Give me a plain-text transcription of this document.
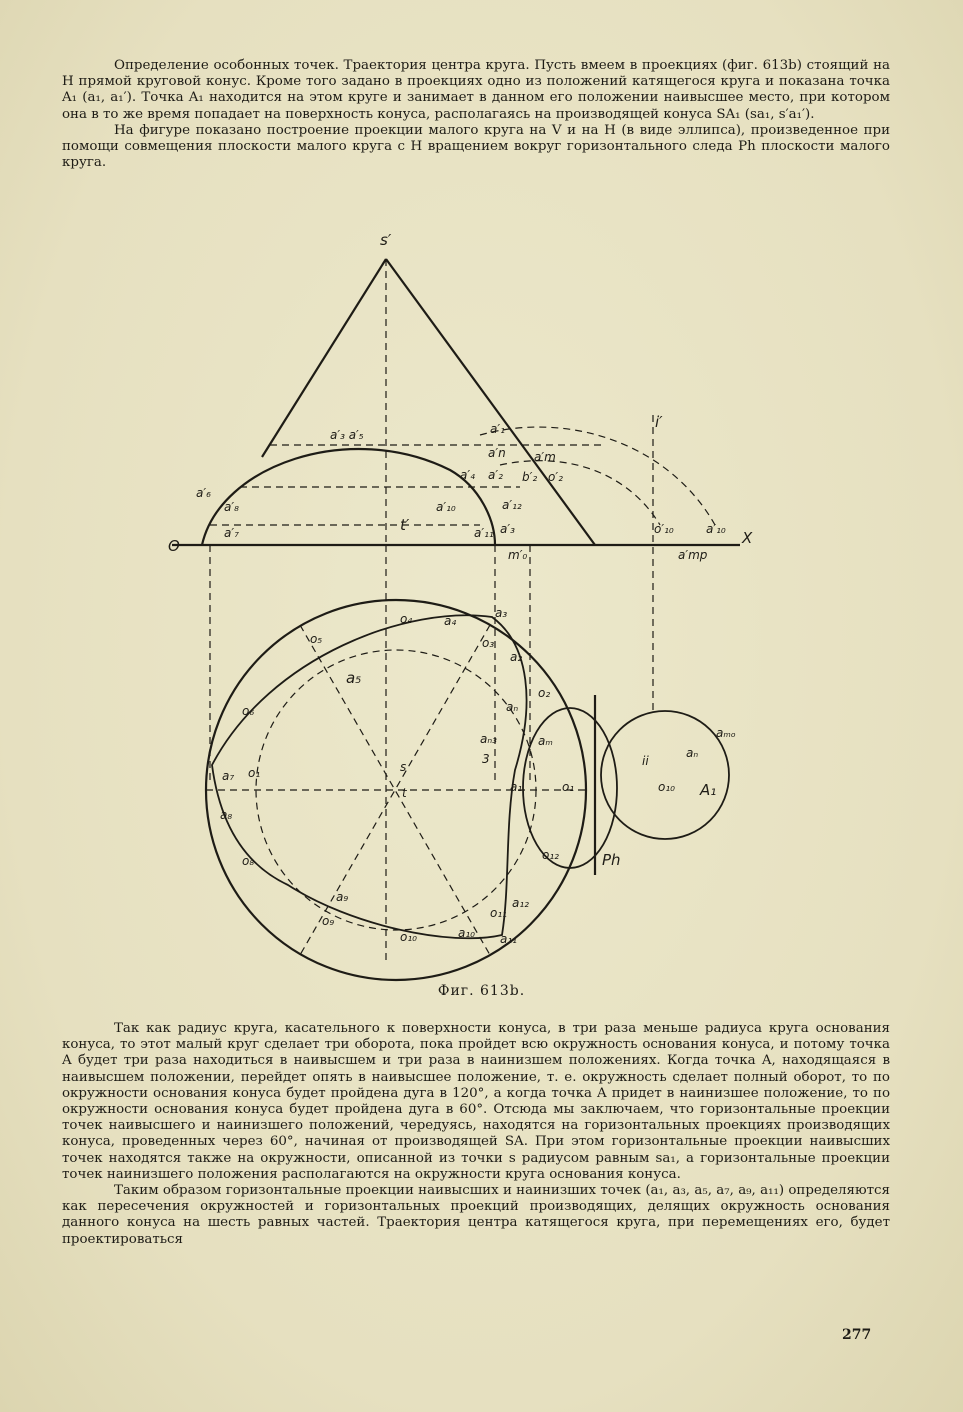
Определение особонных точек. Траектория центра круга. Пусть вмеем в проекциях (фиг. 613b) стоящий на H прямой круговой конус. Кроме того задано в проекциях одно из положений катящегося круга и показана точка A₁ (a₁, a₁′). Точка A₁ находится на этом круге и занимает в данном его положении наивысшее место, при котором она в то же время попадает на поверхность конуса, располагаясь на производящей конуса SA₁ (sa₁, s′a₁′).

На фигуре показано построение проекции малого круга на V и на H (в виде эллипса), произведенное при помощи совмещения плоскости малого круга с H вращением вокруг горизонтального следа Ph плоскости малого круга.

s′
O	X
t′
i′
a′₃ a′₅	a′₁
a′n a′m
a′₄ a′₂ b′₂ o′₂
a′₆
a′₈
a′₇
a′₁₀	a′₁₂
a′₁₁ a′₃
m′₀
o′₁₀	a′₁₀
a′mp
o₄	a₄
o₅
a₃
o₃
a₂
a₅
o₂
o₆	aₙ
aₘ
aₙ₃
3
s
t	a₁	o₁
a₇ o₁
a₈
o₈	o₁₂	Ph
a₉
o₉
o₁₁
a₁₂
o₁₀	a₁₀ a₁₁
ii
o₁₀ A₁
aₙ
aₘₒ
Фиг. 613b.

Так как радиус круга, касательного к поверхности конуса, в три раза меньше радиуса круга основания конуса, то этот малый круг сделает три оборота, пока пройдет всю окружность основания конуса, и потому точка A будет три раза находиться в наивысшем и три раза в наинизшем положениях. Когда точка A, находящаяся в наивысшем положении, перейдет опять в наивысшее положение, т. е. окружность сделает полный оборот, то по окружности основания конуса будет пройдена дуга в 120°, а когда точка A придет в наинизшее положение, то по окружности основания конуса будет пройдена дуга в 60°. Отсюда мы заключаем, что горизонтальные проекции точек наивысшего и наинизшего положений, чередуясь, находятся на горизонтальных проекциях производящих конуса, проведенных через 60°, начиная от производящей SA. При этом горизонтальные проекции наивысших точек находятся также на окружности, описанной из точки s радиусом равным sa₁, а горизонтальные проекции точек наинизшего положения располагаются на окружности круга основания конуса.

Таким образом горизонтальные проекции наивысших и наинизших точек (a₁, a₃, a₅, a₇, a₉, a₁₁) определяются как пересечения окружностей и горизонтальных проекций производящих, делящих окружность основания данного конуса на шесть равных частей. Траектория центра катящегося круга, при перемещениях его, будет проектироваться

277
